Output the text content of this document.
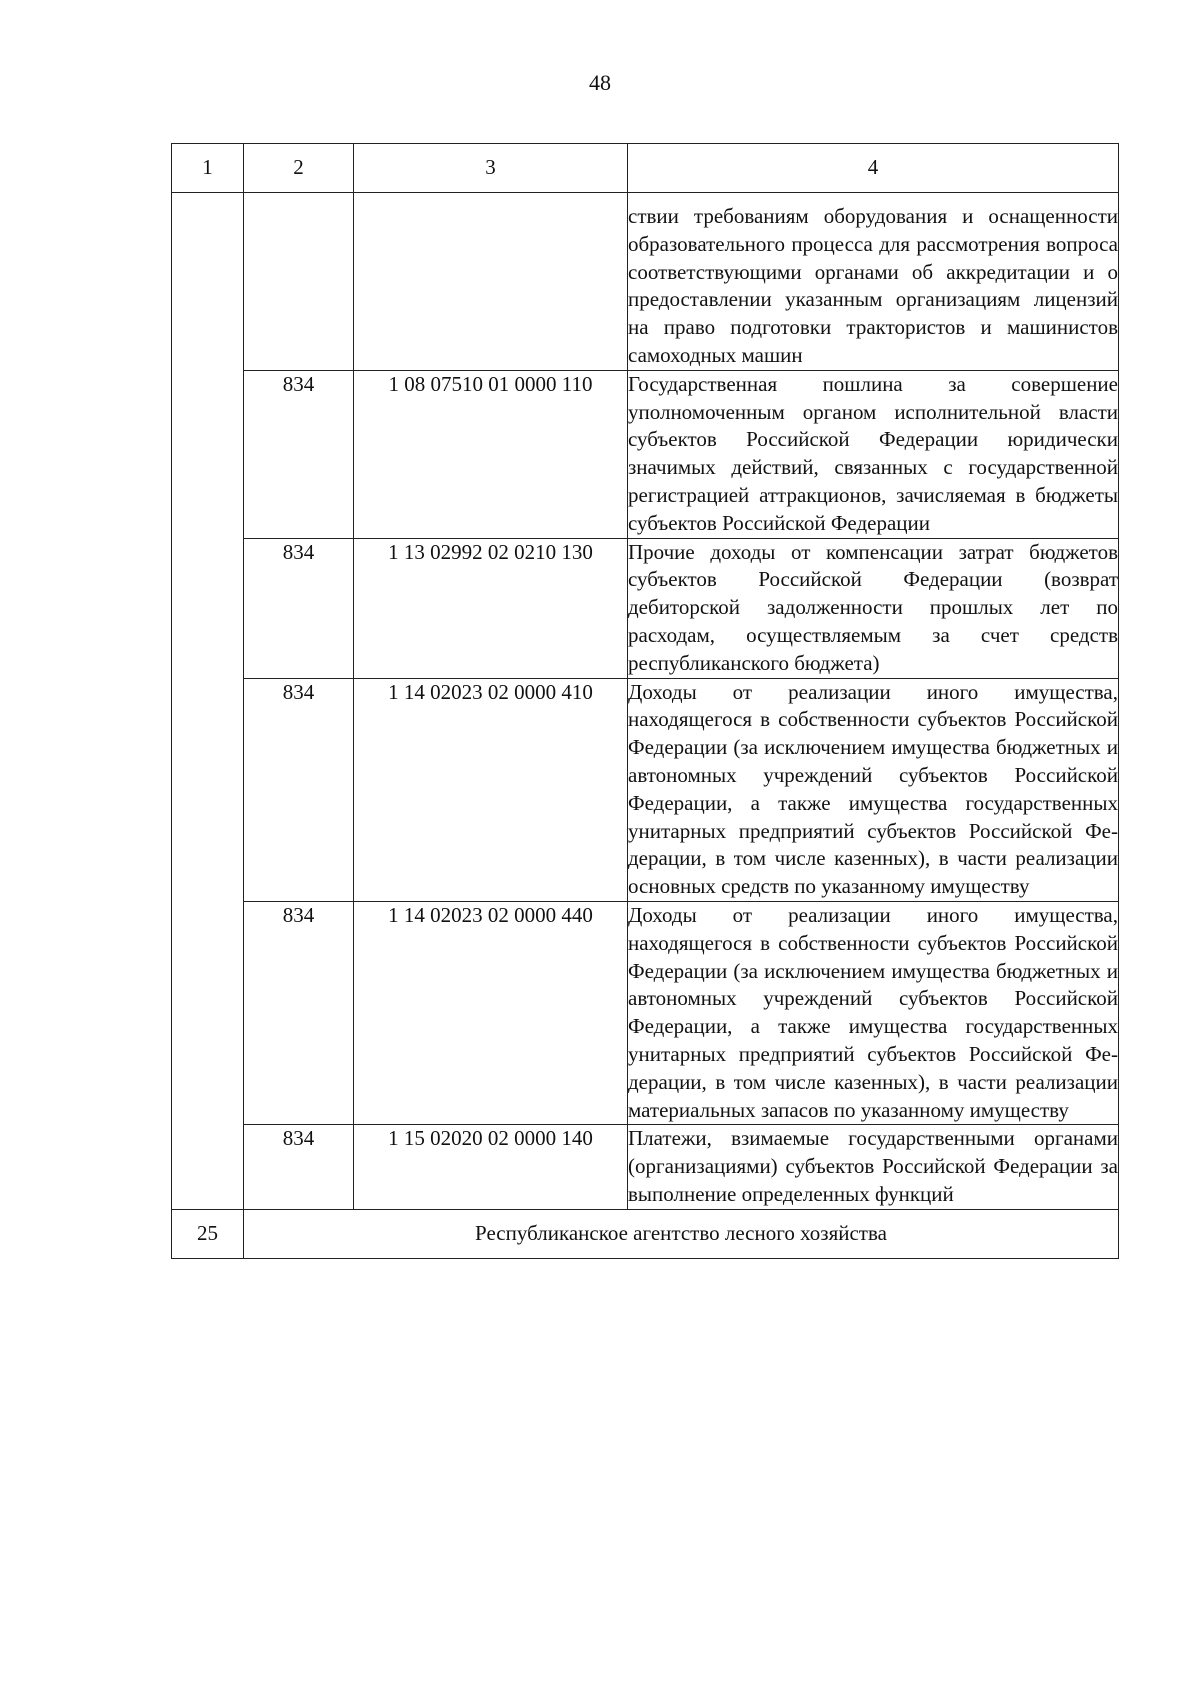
48
1	2	3	4
			ствии требованиям оборудования и оснащенности образовательного процесса для рассмотрения вопроса соответствующими органами об аккредитации и о предоставлении указанным организациям лицензий на право подготовки трактористов и машинистов самоходных машин
	834	1 08 07510 01 0000 110	Государственная пошлина за совершение уполномоченным органом исполнительной власти субъектов Российской Федерации юридически значимых действий, связанных с государственной регистрацией аттракционов, зачисляемая в бюджеты субъектов Российской Федерации
	834	1 13 02992 02 0210 130	Прочие доходы от компенсации затрат бюджетов субъектов Российской Федерации (возврат дебиторской задолженности прошлых лет по расходам, осуществляемым за счет средств республиканского бюджета)
	834	1 14 02023 02 0000 410	Доходы от реализации иного имущества, находящегося в собственности субъектов Российской Федерации (за исключением имущества бюджетных и автономных учреждений субъектов Российской Федерации, а также имущества государственных унитарных предприятий субъектов Российской Федерации, в том числе казенных), в части реализации основных средств по указанному имуществу
	834	1 14 02023 02 0000 440	Доходы от реализации иного имущества, находящегося в собственности субъектов Российской Федерации (за исключением имущества бюджетных и автономных учреждений субъектов Российской Федерации, а также имущества государственных унитарных предприятий субъектов Российской Федерации, в том числе казенных), в части реализации материальных запасов по указанному имуществу
	834	1 15 02020 02 0000 140	Платежи, взимаемые государственными органами (организациями) субъектов Российской Федерации за выполнение определенных функций
25	Республиканское агентство лесного хозяйства		
